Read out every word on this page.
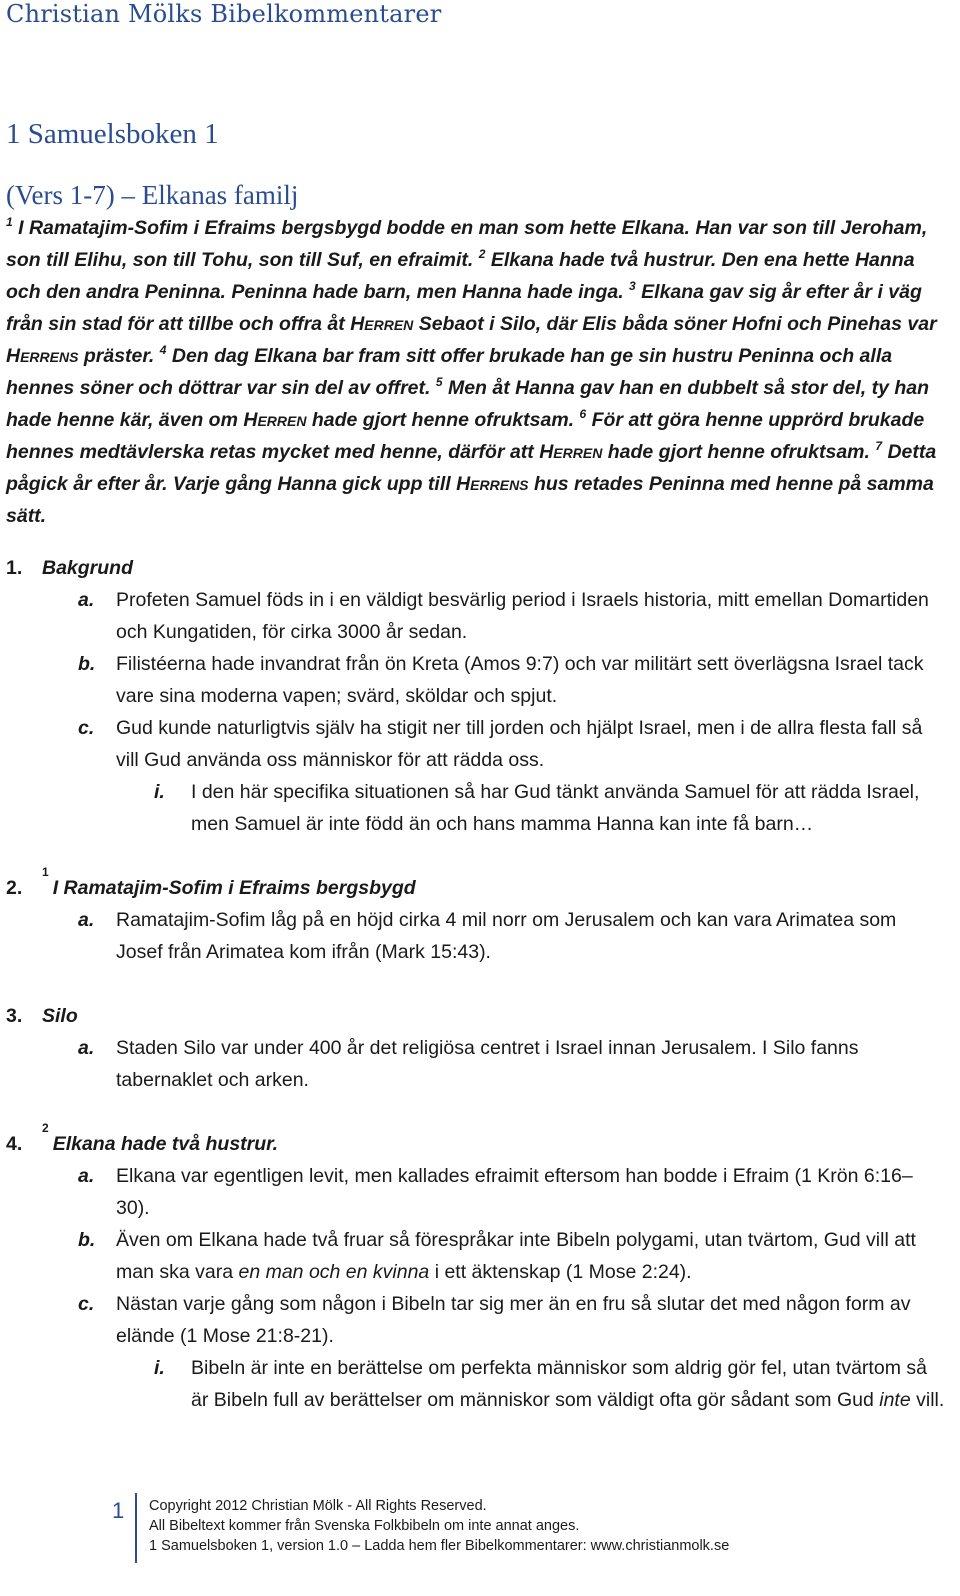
Christian Mölks Bibelkommentarer
1 Samuelsboken 1
(Vers 1-7) – Elkanas familj
$^1$ I Ramatajim-Sofim i Efraims bergsbygd bodde en man som hette Elkana. Han var son till Jeroham, son till Elihu, son till Tohu, son till Suf, en efraimit. $^2$ Elkana hade två hustrur. Den ena hette Hanna och den andra Peninna. Peninna hade barn, men Hanna hade inga. $^3$ Elkana gav sig år efter år i väg från sin stad för att tillbe och offra åt Herren Sebaot i Silo, där Elis båda söner Hofni och Pinehas var Herrens präster. $^4$ Den dag Elkana bar fram sitt offer brukade han ge sin hustru Peninna och alla hennes söner och döttrar var sin del av offret. $^5$ Men åt Hanna gav han en dubbelt så stor del, ty han hade henne kär, även om Herren hade gjort henne ofruktsam. $^6$ För att göra henne upprörd brukade hennes medtävlerska retas mycket med henne, därför att Herren hade gjort henne ofruktsam. $^7$ Detta pågick år efter år. Varje gång Hanna gick upp till Herrens hus retades Peninna med henne på samma sätt.
1.	Bakgrund
a.	Profeten Samuel föds in i en väldigt besvärlig period i Israels historia, mitt emellan Domartiden och Kungatiden, för cirka 3000 år sedan.
b.	Filistéerna hade invandrat från ön Kreta (Amos 9:7) och var militärt sett överlägsna Israel tack vare sina moderna vapen; svärd, sköldar och spjut.
c.	Gud kunde naturligtvis själv ha stigit ner till jorden och hjälpt Israel, men i de allra flesta fall så vill Gud använda oss människor för att rädda oss.
i.	I den här specifika situationen så har Gud tänkt använda Samuel för att rädda Israel, men Samuel är inte född än och hans mamma Hanna kan inte få barn…
2.
1
I Ramatajim-Sofim i Efraims bergsbygd
a.	Ramatajim-Sofim låg på en höjd cirka 4 mil norr om Jerusalem och kan vara Arimatea som Josef från Arimatea kom ifrån (Mark 15:43).
3.	Silo
a.	Staden Silo var under 400 år det religiösa centret i Israel innan Jerusalem. I Silo fanns tabernaklet och arken.
4.
2
Elkana hade två hustrur.
a.	Elkana var egentligen levit, men kallades efraimit eftersom han bodde i Efraim (1 Krön 6:16–30).
b.	Även om Elkana hade två fruar så förespråkar inte Bibeln polygami, utan tvärtom, Gud vill att man ska vara en man och en kvinna i ett äktenskap (1 Mose 2:24).
c.	Nästan varje gång som någon i Bibeln tar sig mer än en fru så slutar det med någon form av elände (1 Mose 21:8-21).
i.	Bibeln är inte en berättelse om perfekta människor som aldrig gör fel, utan tvärtom så är Bibeln full av berättelser om människor som väldigt ofta gör sådant som Gud inte vill.
1 Copyright 2012 Christian Mölk - All Rights Reserved.
All Bibeltext kommer från Svenska Folkbibeln om inte annat anges.
1 Samuelsboken 1, version 1.0 – Ladda hem fler Bibelkommentarer: www.christianmolk.se
